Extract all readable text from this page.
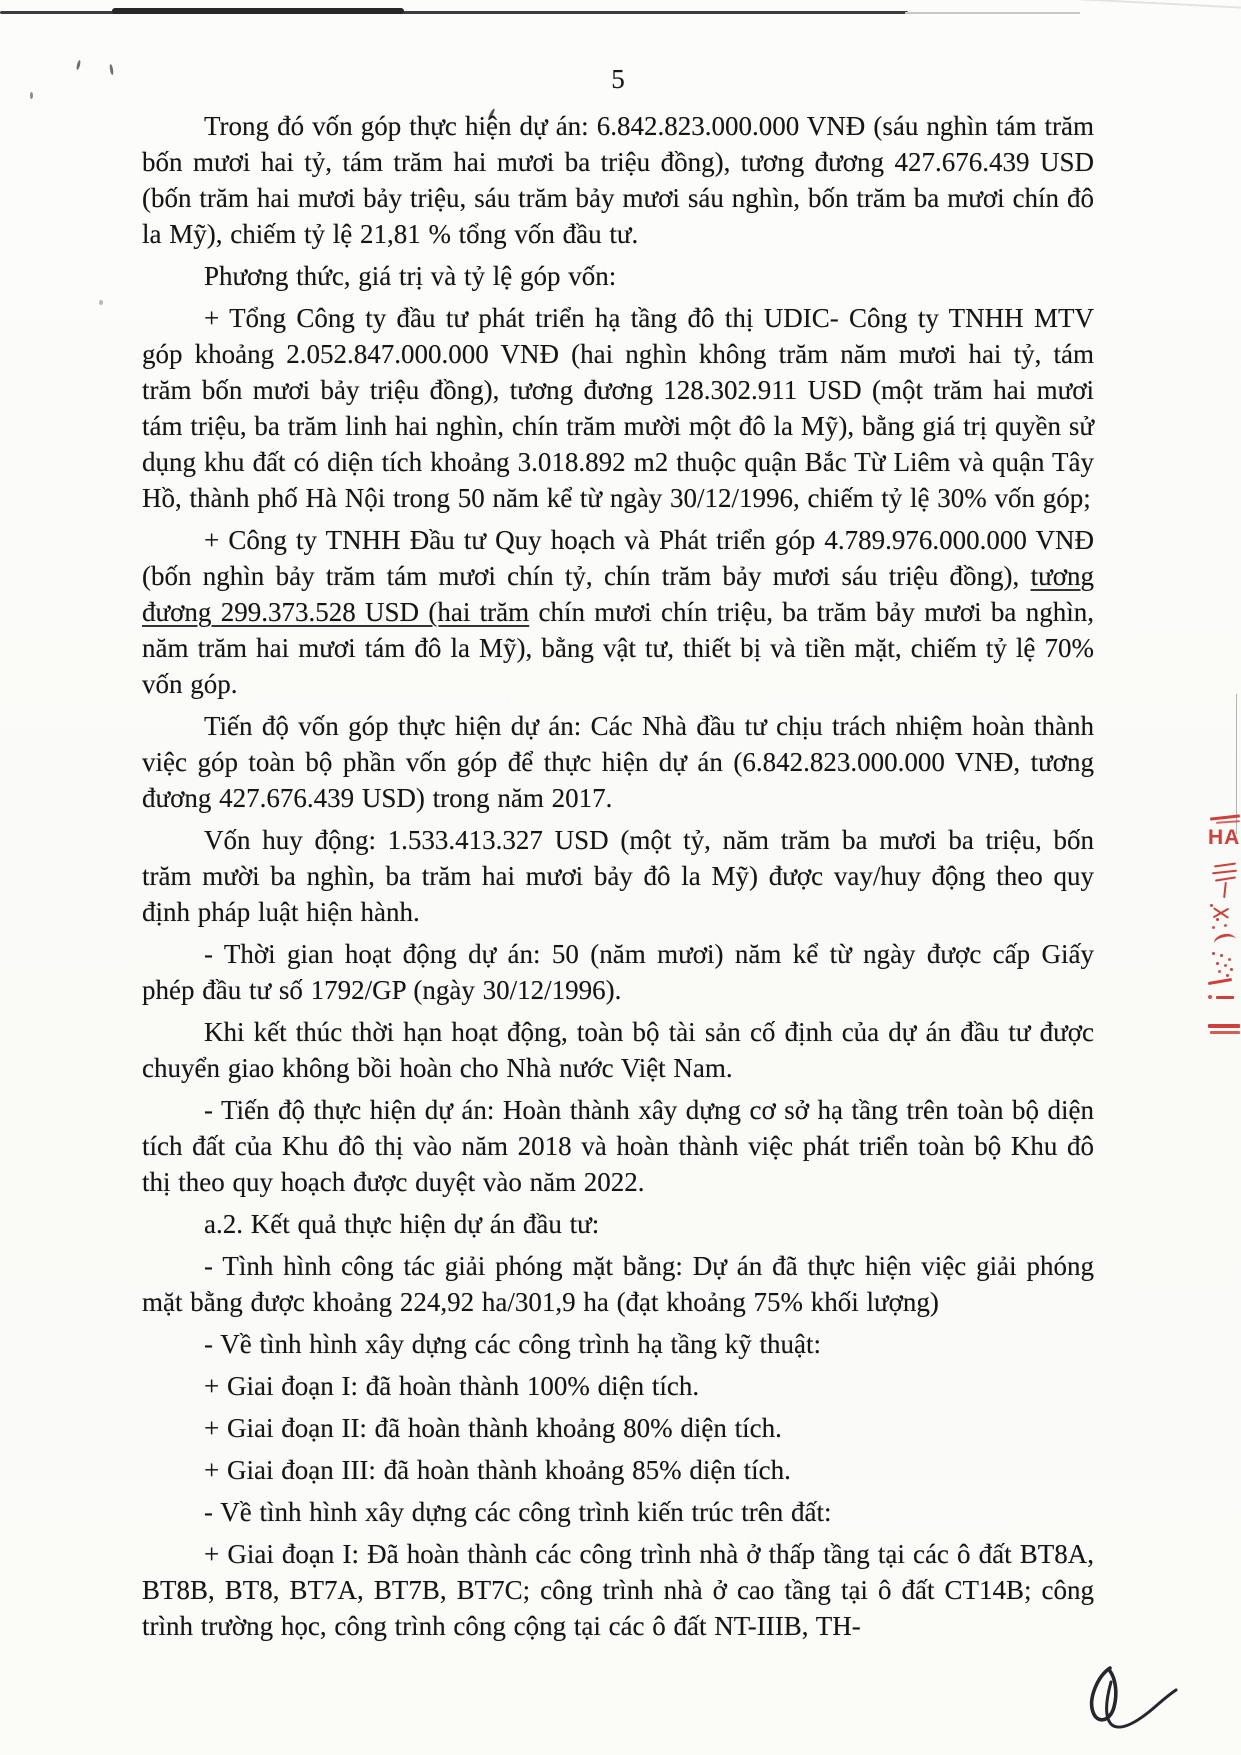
5

Trong đó vốn góp thực hiện dự án: 6.842.823.000.000 VNĐ (sáu nghìn tám trăm bốn mươi hai tỷ, tám trăm hai mươi ba triệu đồng), tương đương 427.676.439 USD (bốn trăm hai mươi bảy triệu, sáu trăm bảy mươi sáu nghìn, bốn trăm ba mươi chín đô la Mỹ), chiếm tỷ lệ 21,81 % tổng vốn đầu tư.

Phương thức, giá trị và tỷ lệ góp vốn:

+ Tổng Công ty đầu tư phát triển hạ tầng đô thị UDIC- Công ty TNHH MTV góp khoảng 2.052.847.000.000 VNĐ (hai nghìn không trăm năm mươi hai tỷ, tám trăm bốn mươi bảy triệu đồng), tương đương 128.302.911 USD (một trăm hai mươi tám triệu, ba trăm linh hai nghìn, chín trăm mười một đô la Mỹ), bằng giá trị quyền sử dụng khu đất có diện tích khoảng 3.018.892 m2 thuộc quận Bắc Từ Liêm và quận Tây Hồ, thành phố Hà Nội trong 50 năm kể từ ngày 30/12/1996, chiếm tỷ lệ 30% vốn góp;

+ Công ty TNHH Đầu tư Quy hoạch và Phát triển góp 4.789.976.000.000 VNĐ (bốn nghìn bảy trăm tám mươi chín tỷ, chín trăm bảy mươi sáu triệu đồng), tương đương 299.373.528 USD (hai trăm chín mươi chín triệu, ba trăm bảy mươi ba nghìn, năm trăm hai mươi tám đô la Mỹ), bằng vật tư, thiết bị và tiền mặt, chiếm tỷ lệ 70% vốn góp.

Tiến độ vốn góp thực hiện dự án: Các Nhà đầu tư chịu trách nhiệm hoàn thành việc góp toàn bộ phần vốn góp để thực hiện dự án (6.842.823.000.000 VNĐ, tương đương 427.676.439 USD) trong năm 2017.

Vốn huy động: 1.533.413.327 USD (một tỷ, năm trăm ba mươi ba triệu, bốn trăm mười ba nghìn, ba trăm hai mươi bảy đô la Mỹ) được vay/huy động theo quy định pháp luật hiện hành.

- Thời gian hoạt động dự án: 50 (năm mươi) năm kể từ ngày được cấp Giấy phép đầu tư số 1792/GP (ngày 30/12/1996).

Khi kết thúc thời hạn hoạt động, toàn bộ tài sản cố định của dự án đầu tư được chuyển giao không bồi hoàn cho Nhà nước Việt Nam.

- Tiến độ thực hiện dự án: Hoàn thành xây dựng cơ sở hạ tầng trên toàn bộ diện tích đất của Khu đô thị vào năm 2018 và hoàn thành việc phát triển toàn bộ Khu đô thị theo quy hoạch được duyệt vào năm 2022.

a.2. Kết quả thực hiện dự án đầu tư:

- Tình hình công tác giải phóng mặt bằng: Dự án đã thực hiện việc giải phóng mặt bằng được khoảng 224,92 ha/301,9 ha (đạt khoảng 75% khối lượng)

- Về tình hình xây dựng các công trình hạ tầng kỹ thuật:

+ Giai đoạn I: đã hoàn thành 100% diện tích.

+ Giai đoạn II: đã hoàn thành khoảng 80% diện tích.

+ Giai đoạn III: đã hoàn thành khoảng 85% diện tích.

- Về tình hình xây dựng các công trình kiến trúc trên đất:

+ Giai đoạn I: Đã hoàn thành các công trình nhà ở thấp tầng tại các ô đất BT8A, BT8B, BT8, BT7A, BT7B, BT7C; công trình nhà ở cao tầng tại ô đất CT14B; công trình trường học, công trình công cộng tại các ô đất NT-IIIB, TH-

HA
